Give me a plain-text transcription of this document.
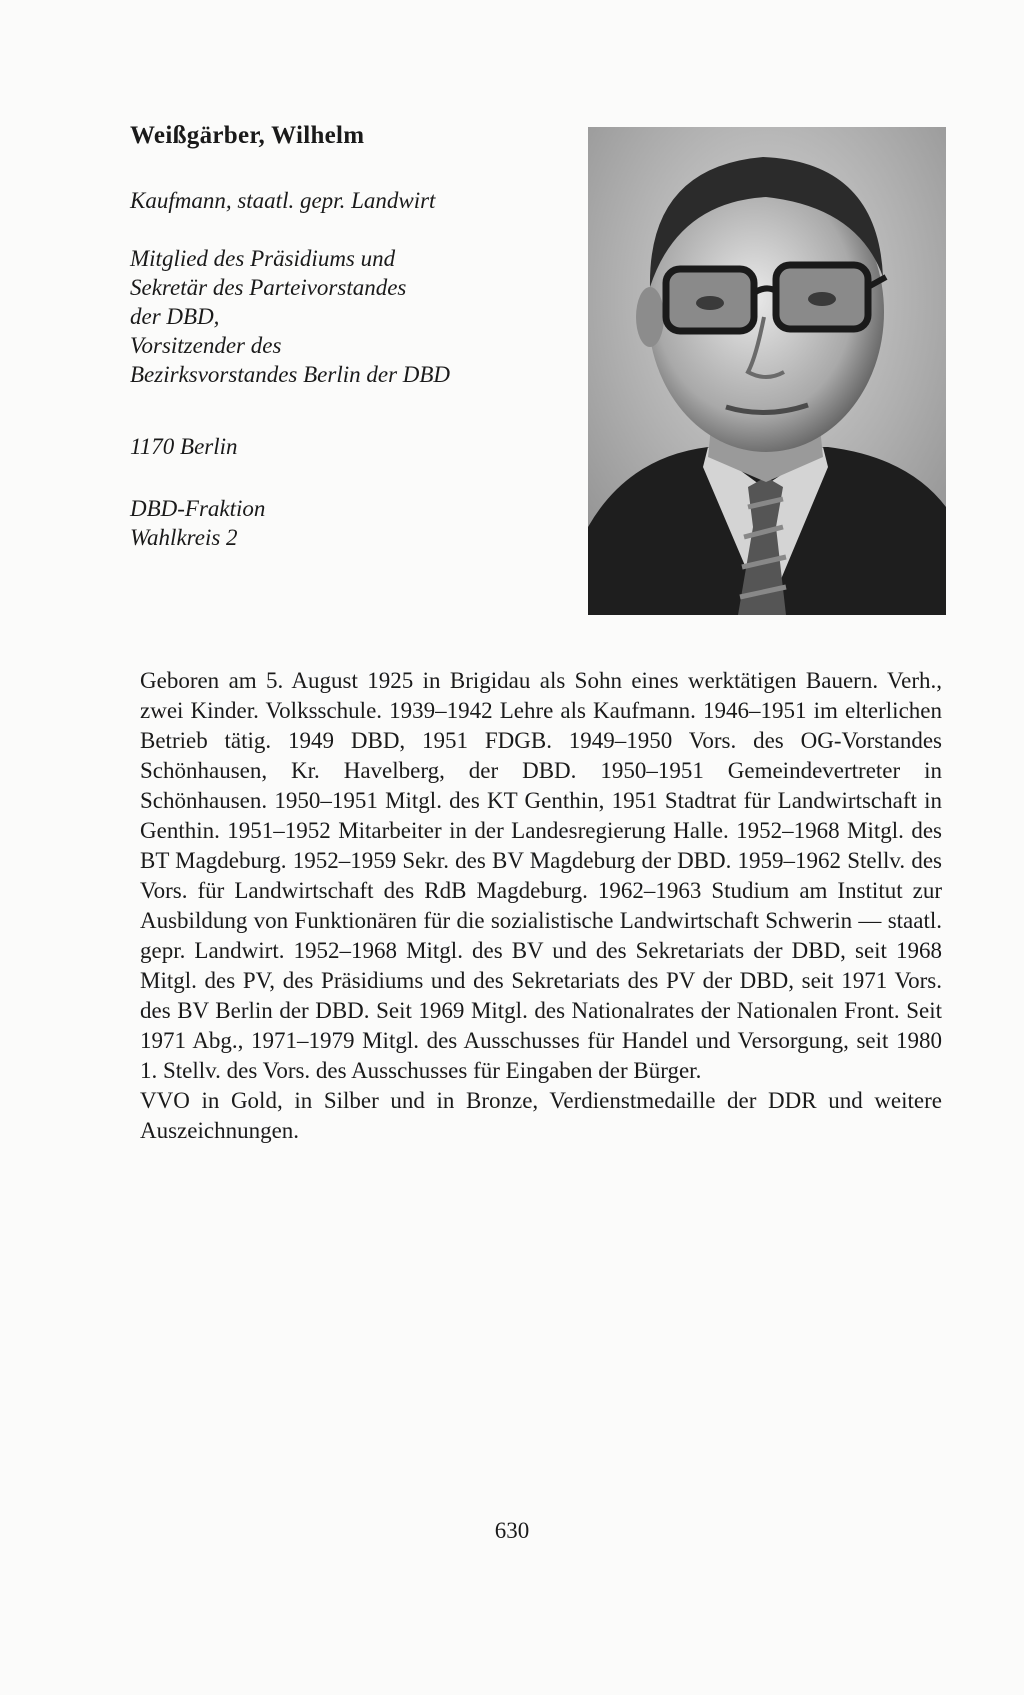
Weißgärber, Wilhelm
Kaufmann, staatl. gepr. Landwirt
Mitglied des Präsidiums und
Sekretär des Parteivorstandes
der DBD,
Vorsitzender des
Bezirksvorstandes Berlin der DBD
1170 Berlin
DBD-Fraktion
Wahlkreis 2

Geboren am 5. August 1925 in Brigidau als Sohn eines werktätigen Bauern. Verh., zwei Kinder. Volksschule. 1939–1942 Lehre als Kaufmann. 1946–1951 im elterlichen Betrieb tätig. 1949 DBD, 1951 FDGB. 1949–1950 Vors. des OG-Vorstandes Schönhausen, Kr. Havelberg, der DBD. 1950–1951 Gemeindevertreter in Schönhausen. 1950–1951 Mitgl. des KT Genthin, 1951 Stadtrat für Landwirtschaft in Genthin. 1951–1952 Mitarbeiter in der Landesregierung Halle. 1952–1968 Mitgl. des BT Magdeburg. 1952–1959 Sekr. des BV Magdeburg der DBD. 1959–1962 Stellv. des Vors. für Landwirtschaft des RdB Magdeburg. 1962–1963 Studium am Institut zur Ausbildung von Funktionären für die sozialistische Landwirtschaft Schwerin — staatl. gepr. Landwirt. 1952–1968 Mitgl. des BV und des Sekretariats der DBD, seit 1968 Mitgl. des PV, des Präsidiums und des Sekretariats des PV der DBD, seit 1971 Vors. des BV Berlin der DBD. Seit 1969 Mitgl. des Nationalrates der Nationalen Front. Seit 1971 Abg., 1971–1979 Mitgl. des Ausschusses für Handel und Versorgung, seit 1980 1. Stellv. des Vors. des Ausschusses für Eingaben der Bürger.

VVO in Gold, in Silber und in Bronze, Verdienstmedaille der DDR und weitere Auszeichnungen.

630
